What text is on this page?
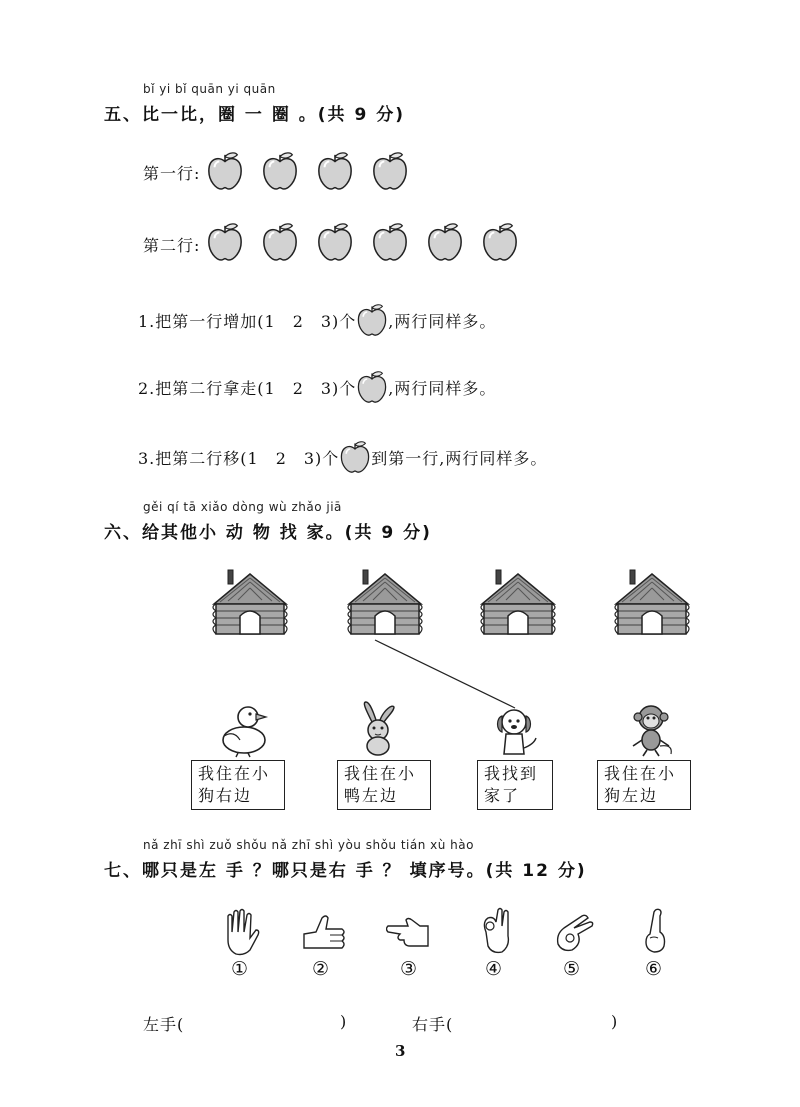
bǐ yi bǐ quān yi quān
五、比一比，圈 一 圈 。(共 9 分)
第一行:
第二行:
1.把第一行增加(1　2　3)个 ,两行同样多。
2.把第二行拿走(1　2　3)个 ,两行同样多。
3.把第二行移(1　2　3)个 到第一行,两行同样多。
gěi qí tā xiǎo dòng wù zhǎo jiā
六、给其他小 动 物 找 家。(共 9 分)
我住在小
狗右边
我住在小
鸭左边
我找到
家了
我住在小
狗左边
nǎ zhī shì zuǒ shǒu nǎ zhī shì yòu shǒu tián xù hào
七、哪只是左 手 ？哪只是右 手 ？ 填序号。(共 12 分)
①	②	③	④	⑤	⑥
左手(	)	右手(	)
3
